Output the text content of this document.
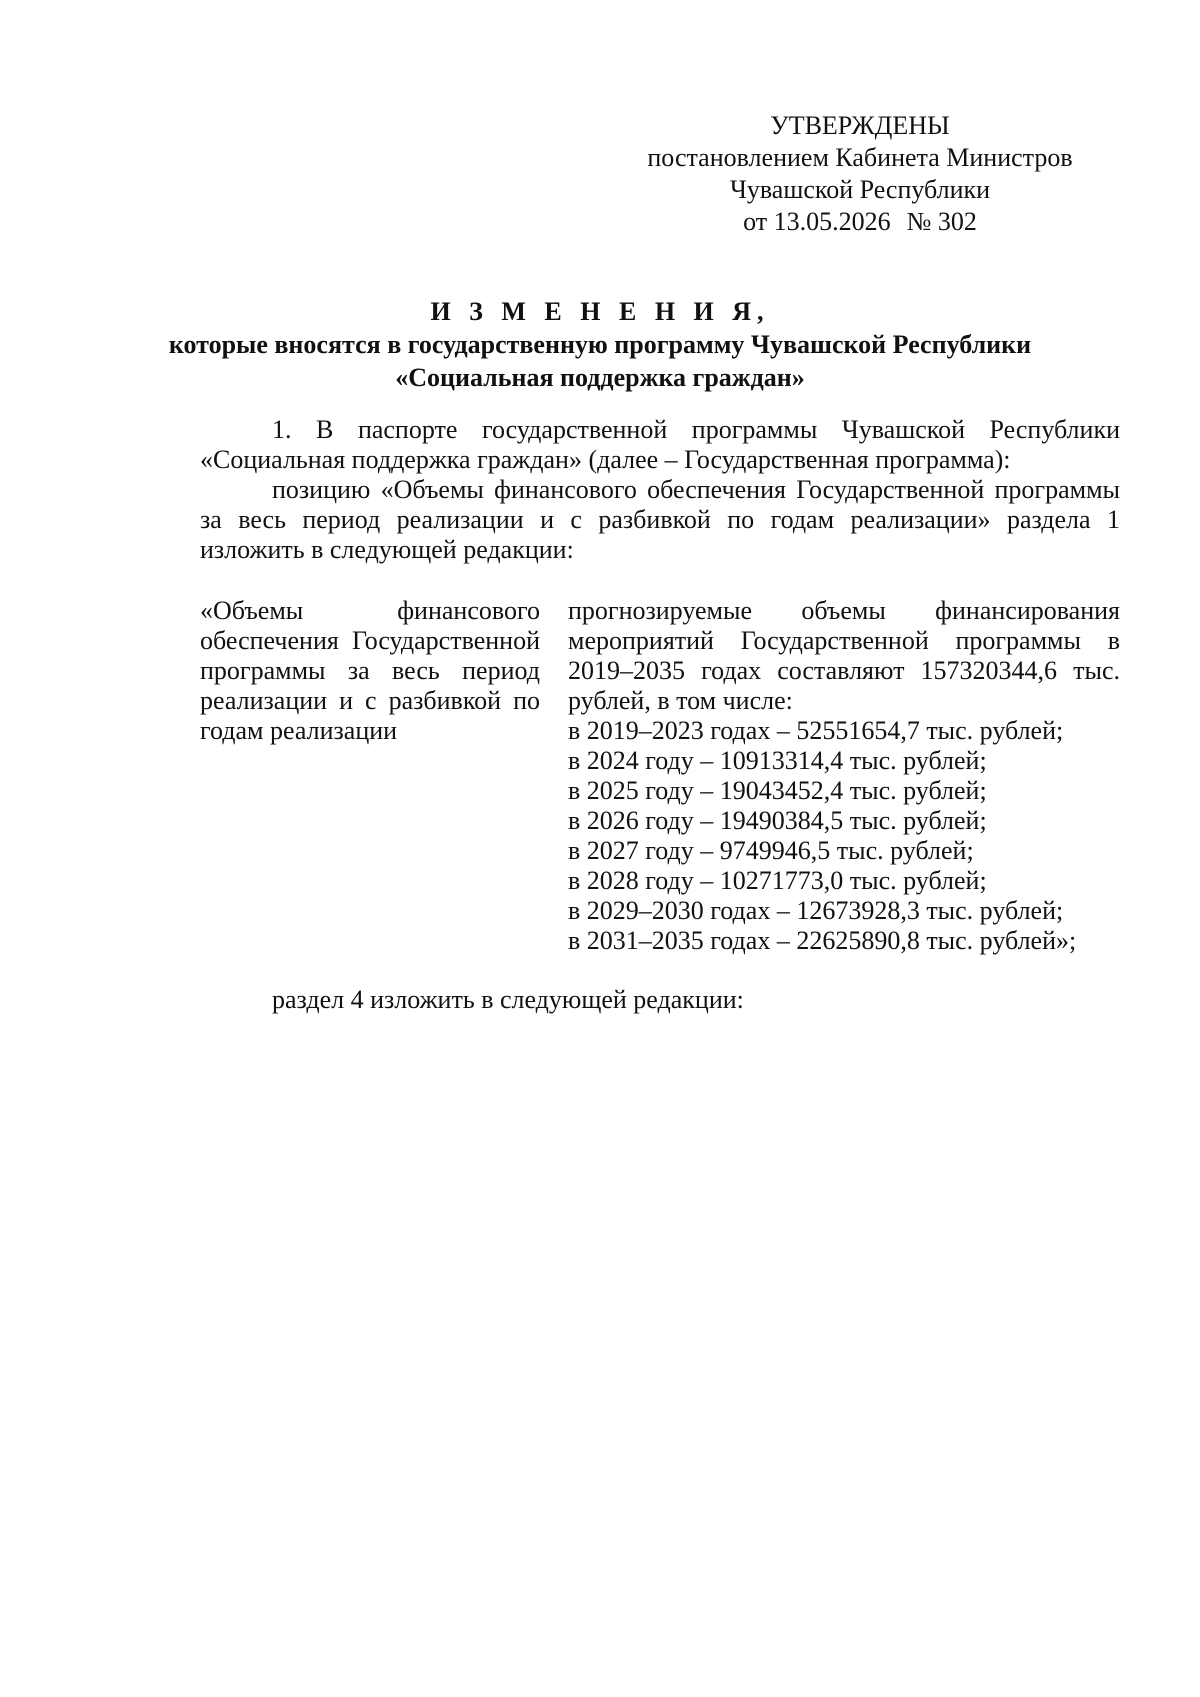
УТВЕРЖДЕНЫ
постановлением Кабинета Министров
Чувашской Республики
от 13.05.2026 № 302
И З М Е Н Е Н И Я,
которые вносятся в государственную программу Чувашской Республики
«Социальная поддержка граждан»

1. В паспорте государственной программы Чувашской Республики «Социальная поддержка граждан» (далее – Государственная программа):

позицию «Объемы финансового обеспечения Государственной программы за весь период реализации и с разбивкой по годам реализации» раздела 1 изложить в следующей редакции:

«Объемы финансового обеспечения Государственной программы за весь период реализации и с разбивкой по годам реализации

прогнозируемые объемы финансирования мероприятий Государственной программы в 2019–2035 годах составляют 157320344,6 тыс. рублей, в том числе:

в 2019–2023 годах – 52551654,7 тыс. рублей;
в 2024 году – 10913314,4 тыс. рублей;
в 2025 году – 19043452,4 тыс. рублей;
в 2026 году – 19490384,5 тыс. рублей;
в 2027 году – 9749946,5 тыс. рублей;
в 2028 году – 10271773,0 тыс. рублей;
в 2029–2030 годах – 12673928,3 тыс. рублей;
в 2031–2035 годах – 22625890,8 тыс. рублей»;
раздел 4 изложить в следующей редакции:
